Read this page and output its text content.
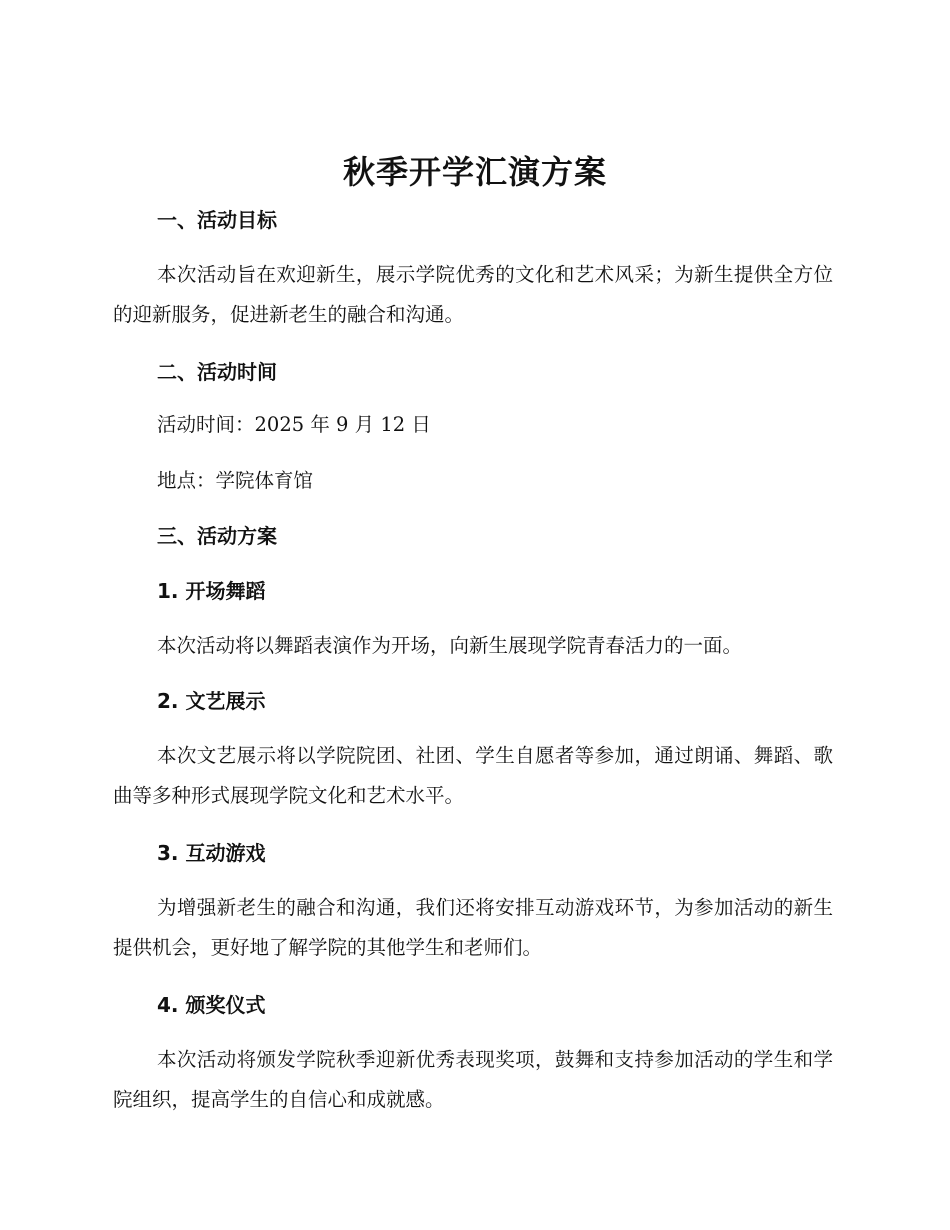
秋季开学汇演方案
一、活动目标

本次活动旨在欢迎新生，展示学院优秀的文化和艺术风采；为新生提供全方位的迎新服务，促进新老生的融合和沟通。

二、活动时间

活动时间：2025 年 9 月 12 日

地点：学院体育馆

三、活动方案
1. 开场舞蹈

本次活动将以舞蹈表演作为开场，向新生展现学院青春活力的一面。

2. 文艺展示

本次文艺展示将以学院院团、社团、学生自愿者等参加，通过朗诵、舞蹈、歌曲等多种形式展现学院文化和艺术水平。

3. 互动游戏

为增强新老生的融合和沟通，我们还将安排互动游戏环节，为参加活动的新生提供机会，更好地了解学院的其他学生和老师们。

4. 颁奖仪式

本次活动将颁发学院秋季迎新优秀表现奖项，鼓舞和支持参加活动的学生和学院组织，提高学生的自信心和成就感。
